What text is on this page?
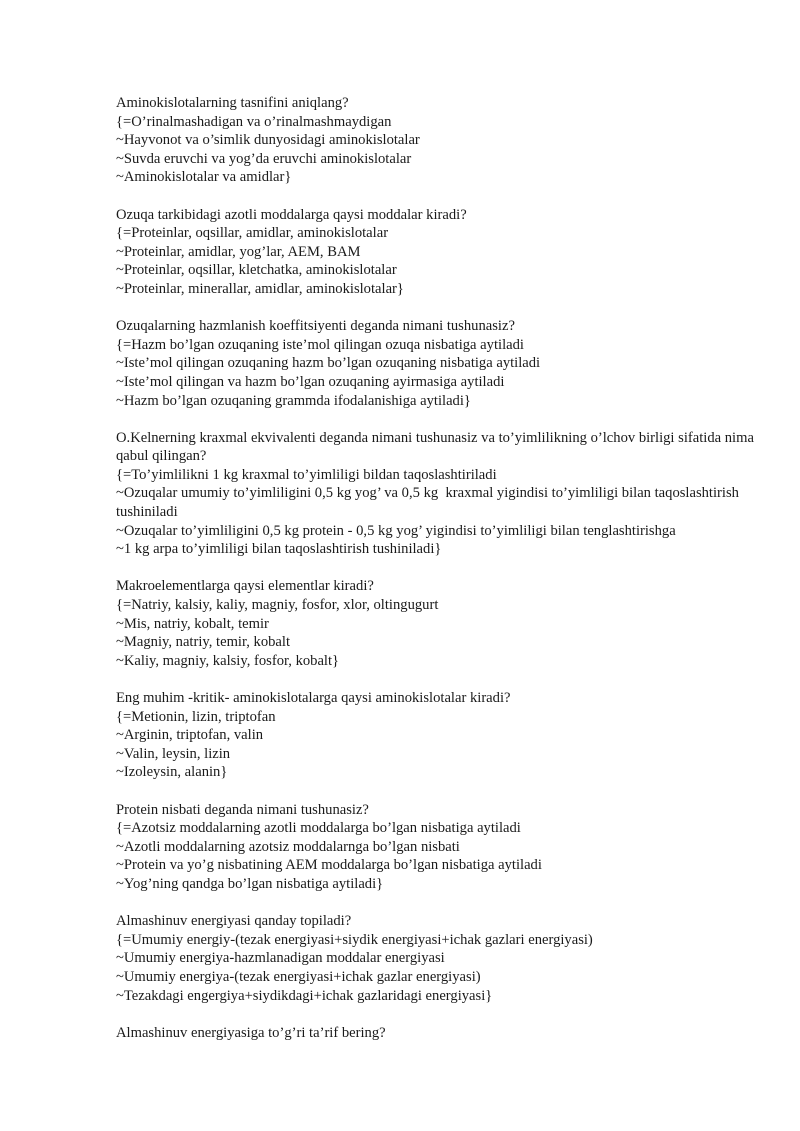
Aminokislotalarning tasnifini aniqlang?
{=O’rinalmashadigan va o’rinalmashmaydigan
~Hayvonot va o’simlik dunyosidagi aminokislotalar
~Suvda eruvchi va yog’da eruvchi aminokislotalar
~Aminokislotalar va amidlar}
Ozuqa tarkibidagi azotli moddalarga qaysi moddalar kiradi?
{=Proteinlar, oqsillar, amidlar, aminokislotalar
~Proteinlar, amidlar, yog’lar, AEM, BAM
~Proteinlar, oqsillar, kletchatka, aminokislotalar
~Proteinlar, minerallar, amidlar, aminokislotalar}
Ozuqalarning hazmlanish koeffitsiyenti deganda nimani tushunasiz?
{=Hazm bo’lgan ozuqaning iste’mol qilingan ozuqa nisbatiga aytiladi
~Iste’mol qilingan ozuqaning hazm bo’lgan ozuqaning nisbatiga aytiladi
~Iste’mol qilingan va hazm bo’lgan ozuqaning ayirmasiga aytiladi
~Hazm bo’lgan ozuqaning grammda ifodalanishiga aytiladi}
O.Kelnerning kraxmal ekvivalenti deganda nimani tushunasiz va to’yimlilikning o’lchov birligi sifatida nima qabul qilingan?
{=To’yimlilikni 1 kg kraxmal to’yimliligi bildan taqoslashtiriladi
~Ozuqalar umumiy to’yimliligini 0,5 kg yog’ va 0,5 kg  kraxmal yigindisi to’yimliligi bilan taqoslashtirish tushiniladi
~Ozuqalar to’yimliligini 0,5 kg protein - 0,5 kg yog’ yigindisi to’yimliligi bilan tenglashtirishga
~1 kg arpa to’yimliligi bilan taqoslashtirish tushiniladi}
Makroelementlarga qaysi elementlar kiradi?
{=Natriy, kalsiy, kaliy, magniy, fosfor, xlor, oltingugurt
~Mis, natriy, kobalt, temir
~Magniy, natriy, temir, kobalt
~Kaliy, magniy, kalsiy, fosfor, kobalt}
Eng muhim -kritik- aminokislotalarga qaysi aminokislotalar kiradi?
{=Metionin, lizin, triptofan
~Arginin, triptofan, valin
~Valin, leysin, lizin
~Izoleysin, alanin}
Protein nisbati deganda nimani tushunasiz?
{=Azotsiz moddalarning azotli moddalarga bo’lgan nisbatiga aytiladi
~Azotli moddalarning azotsiz moddalarnga bo’lgan nisbati
~Protein va yo’g nisbatining AEM moddalarga bo’lgan nisbatiga aytiladi
~Yog’ning qandga bo’lgan nisbatiga aytiladi}
Almashinuv energiyasi qanday topiladi?
{=Umumiy energiy-(tezak energiyasi+siydik energiyasi+ichak gazlari energiyasi)
~Umumiy energiya-hazmlanadigan moddalar energiyasi
~Umumiy energiya-(tezak energiyasi+ichak gazlar energiyasi)
~Tezakdagi engergiya+siydikdagi+ichak gazlaridagi energiyasi}
Almashinuv energiyasiga to’g’ri ta’rif bering?
